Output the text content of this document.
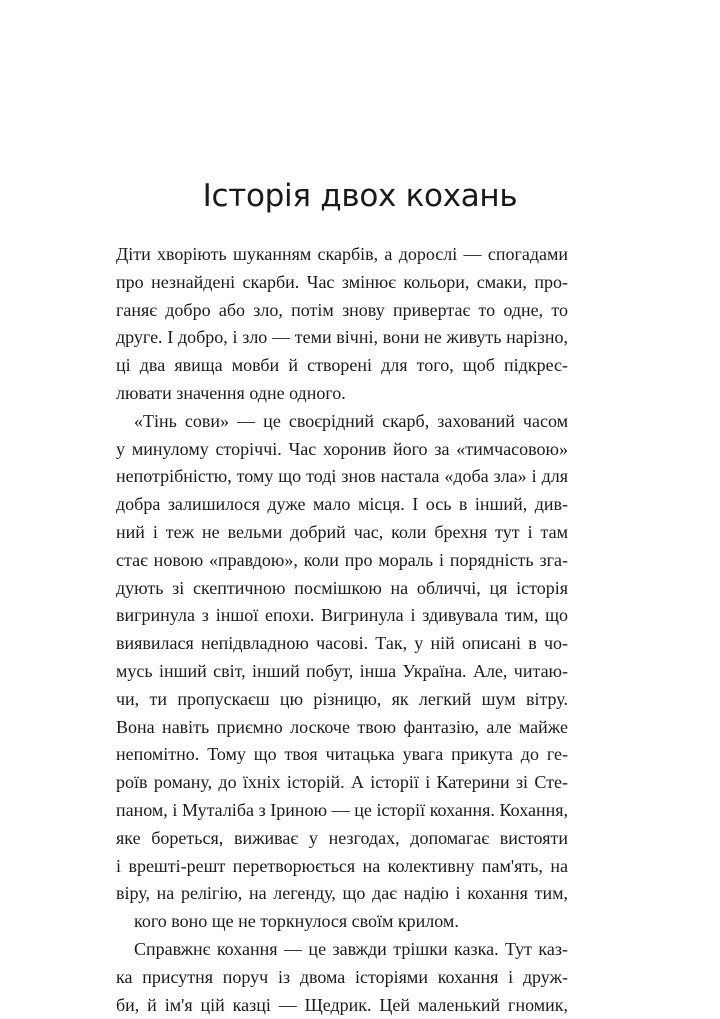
Історія двох кохань
Діти хворіють шуканням скарбів, а дорослі — спогадами
про незнайдені скарби. Час змінює кольори, смаки, про-
ганяє добро або зло, потім знову привертає то одне, то
друге. І добро, і зло — теми вічні, вони не живуть нарізно,
ці два явища мовби й створені для того, щоб підкрес-
лювати значення одне одного.
«Тінь сови» — це своєрідний скарб, захований часом
у минулому сторіччі. Час хоронив його за «тимчасовою»
непотрібністю, тому що тоді знов настала «доба зла» і для
добра залишилося дуже мало місця. І ось в інший, див-
ний і теж не вельми добрий час, коли брехня тут і там
стає новою «правдою», коли про мораль і порядність зга-
дують зі скептичною посмішкою на обличчі, ця історія
вигринула з іншої епохи. Вигринула і здивувала тим, що
виявилася непідвладною часові. Так, у ній описані в чо-
мусь інший світ, інший побут, інша Україна. Але, читаю-
чи, ти пропускаєш цю різницю, як легкий шум вітру.
Вона навіть приємно лоскоче твою фантазію, але майже
непомітно. Тому що твоя читацька увага прикута до ге-
роїв роману, до їхніх історій. А історії і Катерини зі Сте-
паном, і Муталіба з Іриною — це історії кохання. Кохання,
яке бореться, виживає у незгодах, допомагає вистояти
і врешті-решт перетворюється на колективну пам'ять, на
віру, на релігію, на легенду, що дає надію і кохання тим,
кого воно ще не торкнулося своїм крилом.
Справжнє кохання — це завжди трішки казка. Тут каз-
ка присутня поруч із двома історіями кохання і друж-
би, й ім'я цій казці — Щедрик. Цей маленький гномик,
